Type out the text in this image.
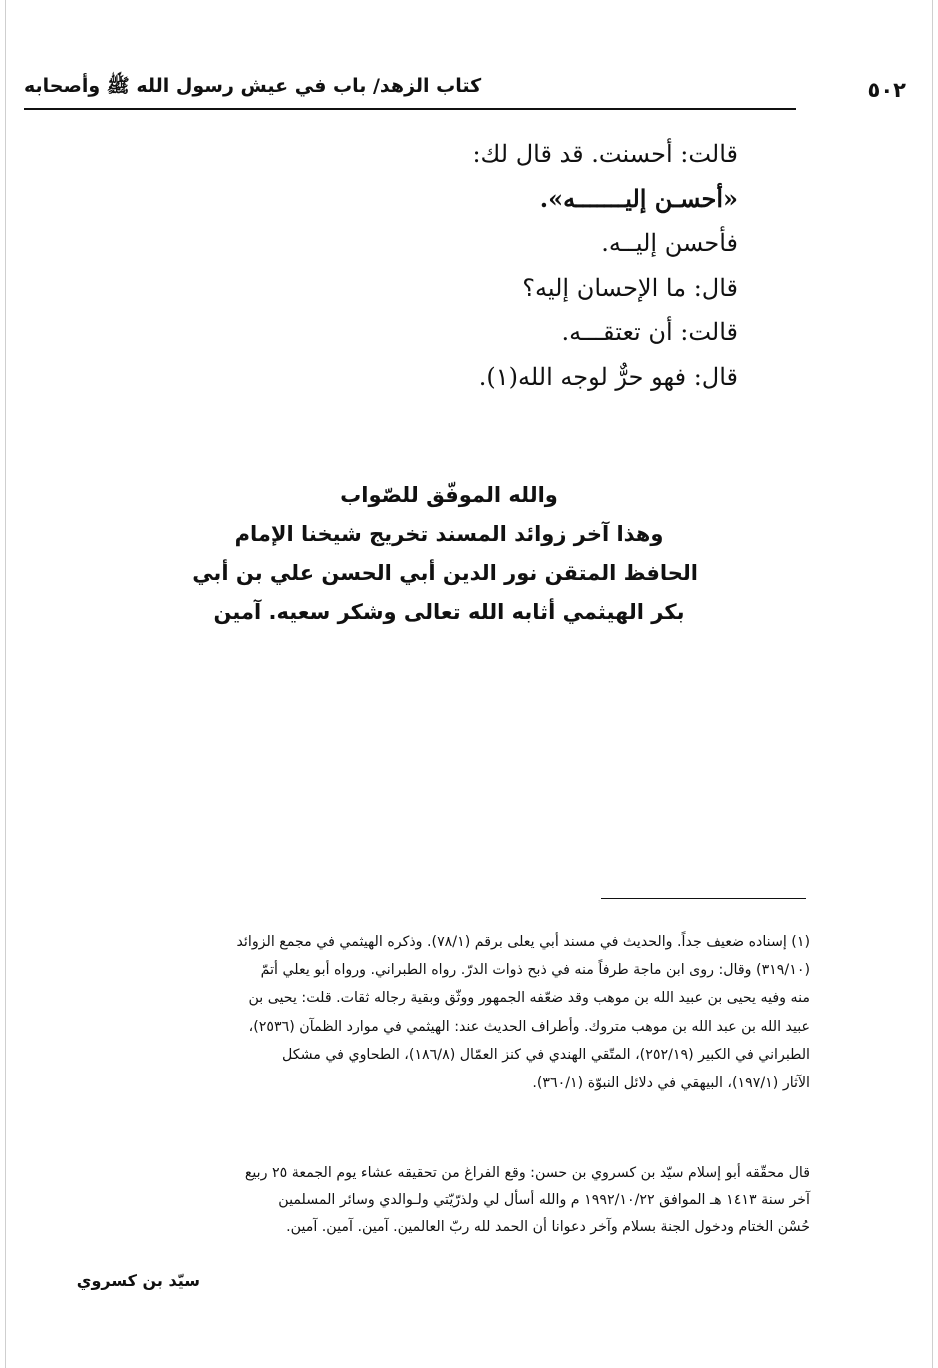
٥٠٢
كتاب الزهد/ باب في عيش رسول الله ﷺ وأصحابه
قالت: أحسنت. قد قال لك:
«أحسـن إليـــــــه».
فأحسن إليــه.
قال: ما الإحسان إليه؟
قالت: أن تعتقـــه.
قال: فهو حرٌّ لوجه الله(١).
والله الموفّق للصّواب
وهذا آخر زوائد المسند تخريج شيخنا الإمام
الحافظ المتقن نور الدين أبي الحسن علي بن أبي
بكر الهيثمي أثابه الله تعالى وشكر سعيه. آمين
(١) إسناده ضعيف جداً. والحديث في مسند أبي يعلى برقم (٧٨/١). وذكره الهيثمي في مجمع الزوائد
(٣١٩/١٠) وقال: روى ابن ماجة طرفاً منه في ذبح ذوات الدرّ. رواه الطبراني. ورواه أبو يعلي أتمّ
منه وفيه يحيى بن عبيد الله بن موهب وقد ضعّفه الجمهور ووثّق وبقية رجاله ثقات. قلت: يحيى بن
عبيد الله بن عبد الله بن موهب متروك. وأطراف الحديث عند: الهيثمي في موارد الظمآن (٢٥٣٦)،
الطبراني في الكبير (٢٥٢/١٩)، المتّقي الهندي في كنز العمّال (١٨٦/٨)، الطحاوي في مشكل
الآثار (١٩٧/١)، البيهقي في دلائل النبوّة (٣٦٠/١).
قال محقّقه أبو إسلام سيّد بن كسروي بن حسن: وقع الفراغ من تحقيقه عشاء يوم الجمعة ٢٥ ربيع
آخر سنة ١٤١٣ هـ الموافق ١٩٩٢/١٠/٢٢ م والله أسأل لي ولذرّيّتي ولـوالدي وسائر المسلمين
حُسْن الختام ودخول الجنة بسلام وآخر دعوانا أن الحمد لله ربّ العالمين. آمين. آمين. آمين.
سيّد بن كسروي
